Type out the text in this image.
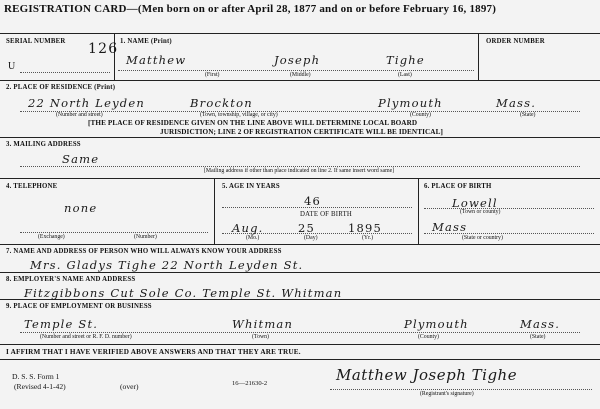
REGISTRATION CARD—(Men born on or after April 28, 1877 and on or before February 16, 1897)
SERIAL NUMBER 126
U
1. NAME (Print)
Matthew	Joseph	Tighe
(First)	(Middle)	(Last)
ORDER NUMBER
2. PLACE OF RESIDENCE (Print)
22 North Leyden	Brockton	Plymouth	Mass.
(Number and street)	(Town, township, village, or city)	(County)	(State)
[THE PLACE OF RESIDENCE GIVEN ON THE LINE ABOVE WILL DETERMINE LOCAL BOARD
JURISDICTION; LINE 2 OF REGISTRATION CERTIFICATE WILL BE IDENTICAL]
3. MAILING ADDRESS
Same
[Mailing address if other than place indicated on line 2. If same insert word same]
4. TELEPHONE
none
(Exchange)	(Number)
5. AGE IN YEARS
46
DATE OF BIRTH
Aug.	25	1895
(Mo.)	(Day)	(Yr.)
6. PLACE OF BIRTH
Lowell
(Town or county)
Mass
(State or country)
7. NAME AND ADDRESS OF PERSON WHO WILL ALWAYS KNOW YOUR ADDRESS
Mrs. Gladys Tighe 22 North Leyden St.
8. EMPLOYER'S NAME AND ADDRESS
Fitzgibbons Cut Sole Co. Temple St. Whitman
9. PLACE OF EMPLOYMENT OR BUSINESS
Temple St.	Whitman	Plymouth	Mass.
(Number and street or R. F. D. number)	(Town)	(County)	(State)
I AFFIRM THAT I HAVE VERIFIED ABOVE ANSWERS AND THAT THEY ARE TRUE.
D. S. S. Form 1
(Revised 4-1-42)	(over)	16—21630-2	Matthew Joseph Tighe
(Registrant's signature)
